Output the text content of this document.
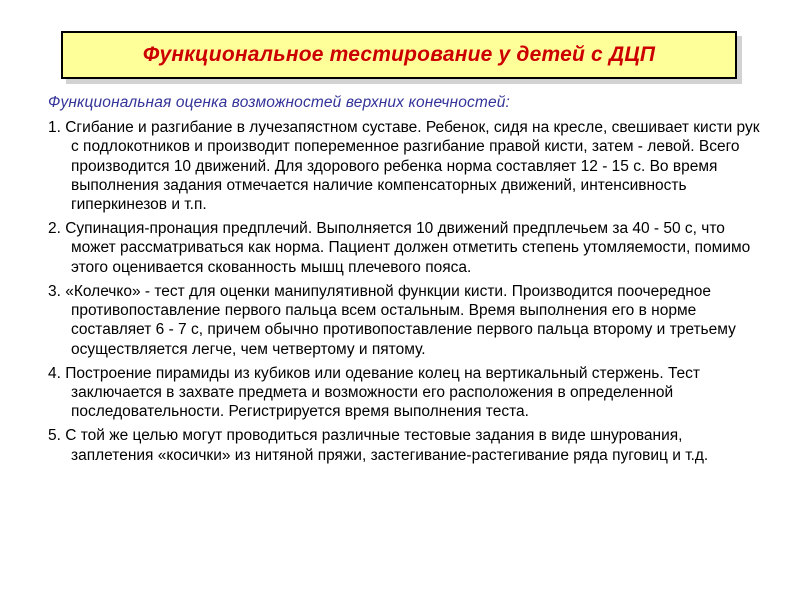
Функциональное тестирование у детей с ДЦП
Функциональная оценка возможностей верхних конечностей:
1. Сгибание и разгибание в лучезапястном суставе. Ребенок, сидя на кресле, свешивает кисти рук с подлокотников и производит попеременное разгибание правой кисти, затем - левой. Всего производится 10 движений. Для здорового ребенка норма составляет 12 - 15 с. Во время выполнения задания отмечается наличие компенсаторных движений, интенсивность гиперкинезов и т.п.
2. Супинация-пронация предплечий. Выполняется 10 движений предплечьем за 40 - 50 с, что может рассматриваться как норма. Пациент должен отметить степень утомляемости, помимо этого оценивается скованность мышц плечевого пояса.
3. «Колечко» - тест для оценки манипулятивной функции кисти. Производится поочередное противопоставление первого пальца всем остальным. Время выполнения его в норме составляет 6 - 7 с, причем обычно противопоставление первого пальца второму и третьему осуществляется легче, чем четвертому и пятому.
4. Построение пирамиды из кубиков или одевание колец на вертикальный стержень. Тест заключается в захвате предмета и возможности его расположения в определенной последовательности. Регистрируется время выполнения теста.
5. С той же целью могут проводиться различные тестовые задания в виде шнурования, заплетения «косички» из нитяной пряжи, застегивание-растегивание ряда пуговиц и т.д.
